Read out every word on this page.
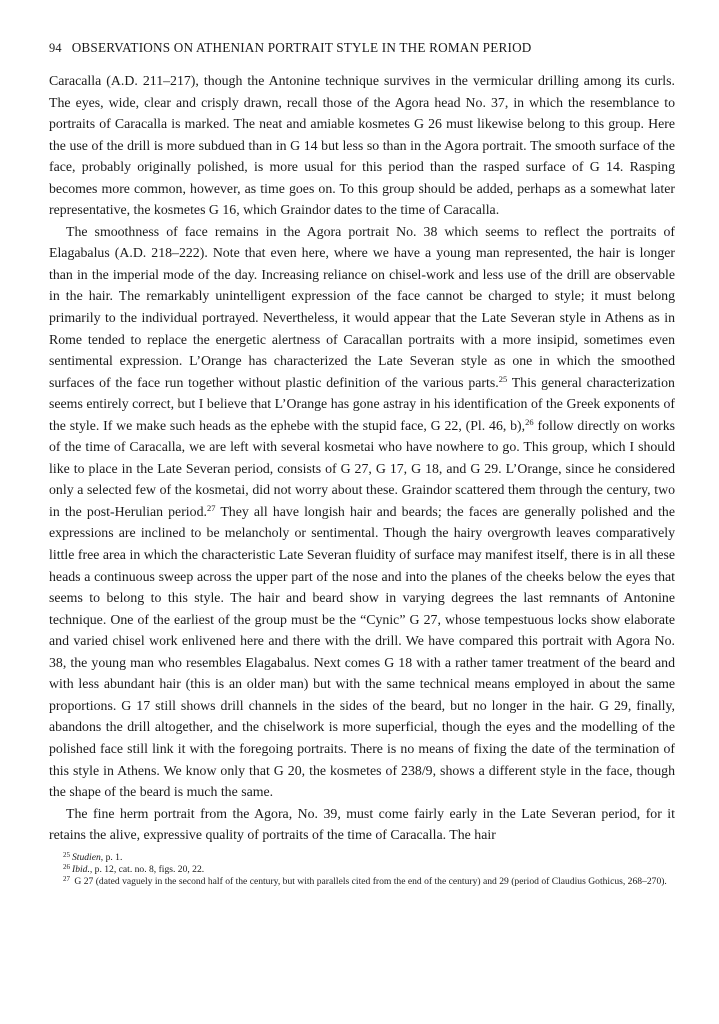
94 OBSERVATIONS ON ATHENIAN PORTRAIT STYLE IN THE ROMAN PERIOD

Caracalla (A.D. 211–217), though the Antonine technique survives in the vermicular drilling among its curls. The eyes, wide, clear and crisply drawn, recall those of the Agora head No. 37, in which the resemblance to portraits of Caracalla is marked. The neat and amiable kosmetes G 26 must likewise belong to this group. Here the use of the drill is more subdued than in G 14 but less so than in the Agora portrait. The smooth surface of the face, probably originally polished, is more usual for this period than the rasped surface of G 14. Rasping becomes more common, however, as time goes on. To this group should be added, perhaps as a somewhat later representative, the kosmetes G 16, which Graindor dates to the time of Caracalla.

The smoothness of face remains in the Agora portrait No. 38 which seems to reflect the portraits of Elagabalus (A.D. 218–222). Note that even here, where we have a young man represented, the hair is longer than in the imperial mode of the day. Increasing reliance on chisel-work and less use of the drill are observable in the hair. The remarkably unintelligent expression of the face cannot be charged to style; it must belong primarily to the individual portrayed. Nevertheless, it would appear that the Late Severan style in Athens as in Rome tended to replace the energetic alertness of Caracallan portraits with a more insipid, sometimes even sentimental expression. L’Orange has characterized the Late Severan style as one in which the smoothed surfaces of the face run together without plastic definition of the various parts.$^{25}$ This general characterization seems entirely correct, but I believe that L’Orange has gone astray in his identification of the Greek exponents of the style. If we make such heads as the ephebe with the stupid face, G 22, (Pl. 46, b),$^{26}$ follow directly on works of the time of Caracalla, we are left with several kosmetai who have nowhere to go. This group, which I should like to place in the Late Severan period, consists of G 27, G 17, G 18, and G 29. L’Orange, since he considered only a selected few of the kosmetai, did not worry about these. Graindor scattered them through the century, two in the post-Herulian period.$^{27}$ They all have longish hair and beards; the faces are generally polished and the expressions are inclined to be melancholy or sentimental. Though the hairy overgrowth leaves comparatively little free area in which the characteristic Late Severan fluidity of surface may manifest itself, there is in all these heads a continuous sweep across the upper part of the nose and into the planes of the cheeks below the eyes that seems to belong to this style. The hair and beard show in varying degrees the last remnants of Antonine technique. One of the earliest of the group must be the “Cynic” G 27, whose tempestuous locks show elaborate and varied chisel work enlivened here and there with the drill. We have compared this portrait with Agora No. 38, the young man who resembles Elagabalus. Next comes G 18 with a rather tamer treatment of the beard and with less abundant hair (this is an older man) but with the same technical means employed in about the same proportions. G 17 still shows drill channels in the sides of the beard, but no longer in the hair. G 29, finally, abandons the drill altogether, and the chiselwork is more superficial, though the eyes and the modelling of the polished face still link it with the foregoing portraits. There is no means of fixing the date of the termination of this style in Athens. We know only that G 20, the kosmetes of 238/9, shows a different style in the face, though the shape of the beard is much the same.

The fine herm portrait from the Agora, No. 39, must come fairly early in the Late Severan period, for it retains the alive, expressive quality of portraits of the time of Caracalla. The hair

$^{25}$ Studien, p. 1.

$^{26}$ Ibid., p. 12, cat. no. 8, figs. 20, 22.

$^{27}$ G 27 (dated vaguely in the second half of the century, but with parallels cited from the end of the century) and 29 (period of Claudius Gothicus, 268–270).
